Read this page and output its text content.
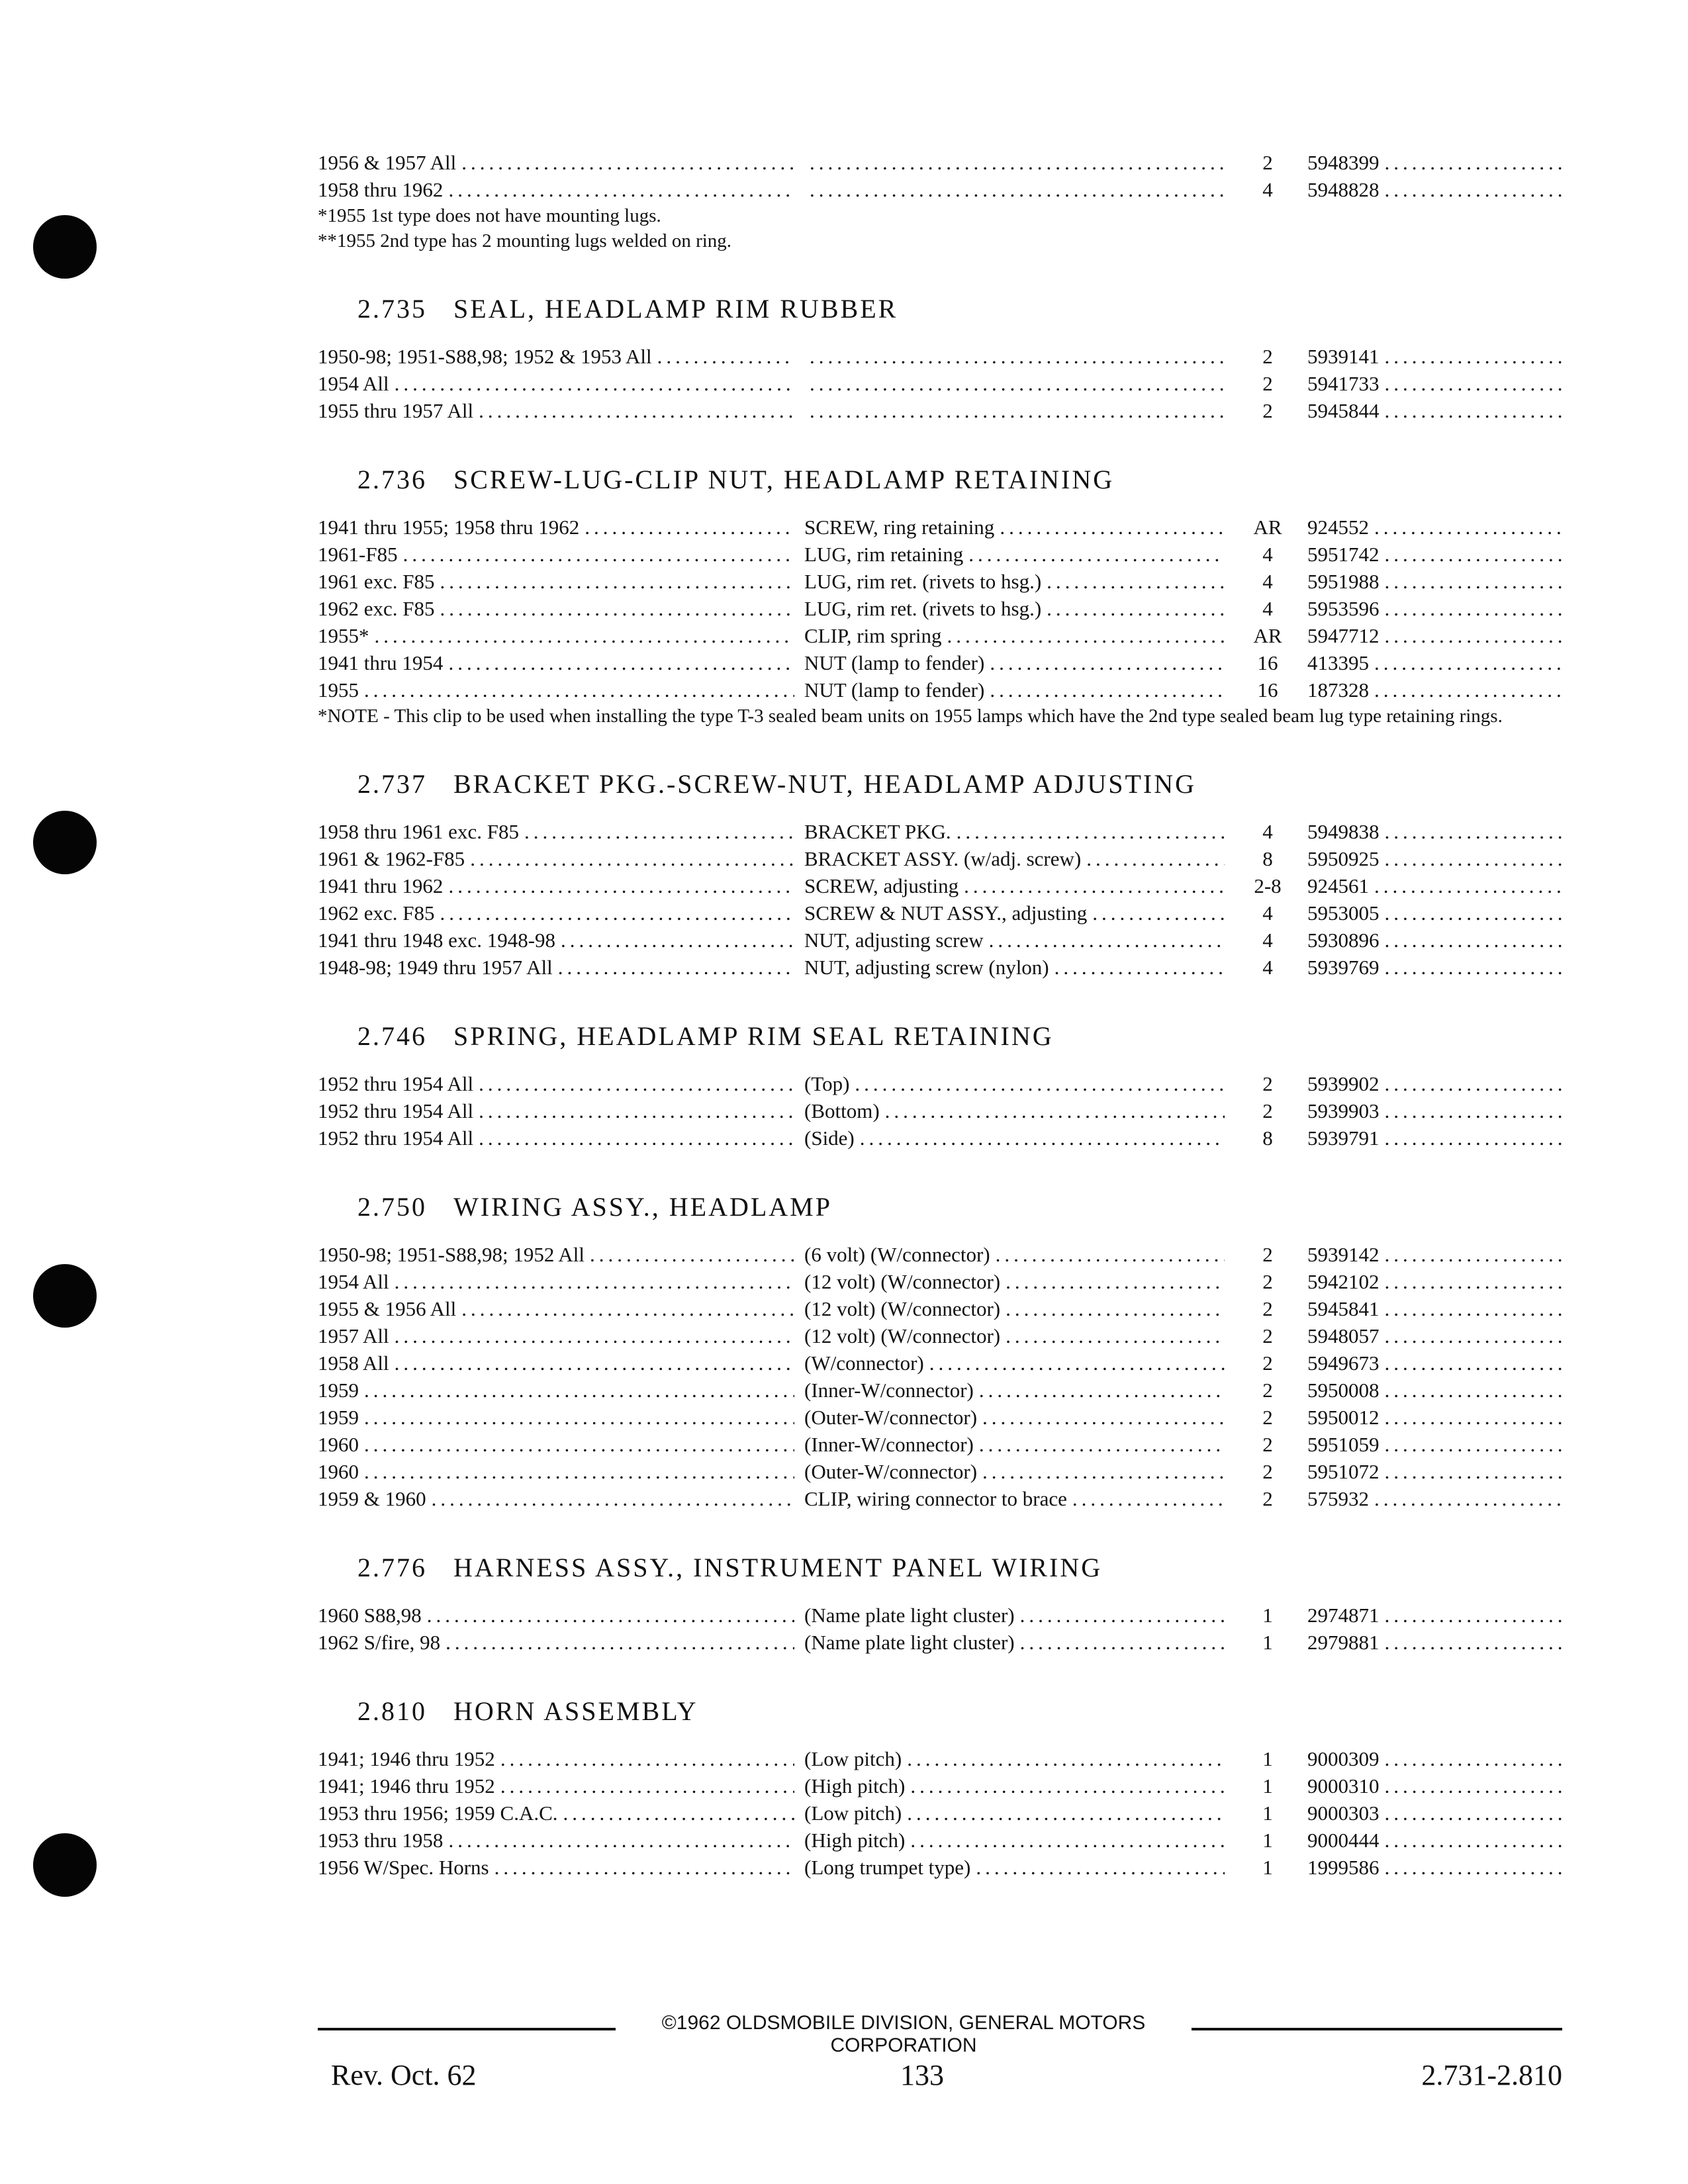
1956 & 1957 All ..... .....	2	5948399
.....
1958 thru 1962 ..... .....	4	5948828
.....
*1955 1st type does not have mounting lugs.
**1955 2nd type has 2 mounting lugs welded on ring.
2.735 SEAL, HEADLAMP RIM RUBBER
1950-98; 1951-S88,98; 1952 & 1953 All ..... .....	2	5939141
.....
1954 All ..... .....	2	5941733
.....
1955 thru 1957 All ..... .....	2	5945844
.....
2.736 SCREW-LUG-CLIP NUT, HEADLAMP RETAINING
1941 thru 1955; 1958 thru 1962 .....	SCREW, ring retaining .....	AR	924552
.....
1961-F85 .....	LUG, rim retaining .....	4	5951742
.....
1961 exc. F85 .....	LUG, rim ret. (rivets to hsg.) .....	4	5951988
.....
1962 exc. F85 .....	LUG, rim ret. (rivets to hsg.) .....	4	5953596
.....
1955* .....	CLIP, rim spring .....	AR	5947712
.....
1941 thru 1954 .....	NUT (lamp to fender) .....	16	413395
.....
1955 .....	NUT (lamp to fender) .....	16	187328
.....
*NOTE - This clip to be used when installing the type T-3 sealed beam units on 1955 lamps which have the 2nd type sealed beam lug type retaining rings.
2.737 BRACKET PKG.-SCREW-NUT, HEADLAMP ADJUSTING
1958 thru 1961 exc. F85 .....	BRACKET PKG. .....	4	5949838
.....
1961 & 1962-F85 .....	BRACKET ASSY. (w/adj. screw) .....	8	5950925
.....
1941 thru 1962 .....	SCREW, adjusting .....	2-8	924561
.....
1962 exc. F85 .....	SCREW & NUT ASSY., adjusting .....	4	5953005
.....
1941 thru 1948 exc. 1948-98 .....	NUT, adjusting screw .....	4	5930896
.....
1948-98; 1949 thru 1957 All .....	NUT, adjusting screw (nylon) .....	4	5939769
.....
2.746 SPRING, HEADLAMP RIM SEAL RETAINING
1952 thru 1954 All .....	(Top) .....	2	5939902
.....
1952 thru 1954 All .....	(Bottom) .....	2	5939903
.....
1952 thru 1954 All .....	(Side) .....	8	5939791
.....
2.750 WIRING ASSY., HEADLAMP
1950-98; 1951-S88,98; 1952 All .....	(6 volt) (W/connector) .....	2	5939142
.....
1954 All .....	(12 volt) (W/connector) .....	2	5942102
.....
1955 & 1956 All .....	(12 volt) (W/connector) .....	2	5945841
.....
1957 All .....	(12 volt) (W/connector) .....	2	5948057
.....
1958 All .....	(W/connector) .....	2	5949673
.....
1959 .....	(Inner-W/connector) .....	2	5950008
.....
1959 .....	(Outer-W/connector) .....	2	5950012
.....
1960 .....	(Inner-W/connector) .....	2	5951059
.....
1960 .....	(Outer-W/connector) .....	2	5951072
.....
1959 & 1960 .....	CLIP, wiring connector to brace .....	2	575932
.....
2.776 HARNESS ASSY., INSTRUMENT PANEL WIRING
1960 S88,98 .....	(Name plate light cluster) .....	1	2974871
.....
1962 S/fire, 98 .....	(Name plate light cluster) .....	1	2979881
.....
2.810 HORN ASSEMBLY
1941; 1946 thru 1952 .....	(Low pitch) .....	1	9000309
.....
1941; 1946 thru 1952 .....	(High pitch) .....	1	9000310
.....
1953 thru 1956; 1959 C.A.C. .....	(Low pitch) .....	1	9000303
.....
1953 thru 1958 .....	(High pitch) .....	1	9000444
.....
1956 W/Spec. Horns .....	(Long trumpet type) .....	1	1999586
.....
©1962 OLDSMOBILE DIVISION, GENERAL MOTORS CORPORATION
Rev. Oct. 62	133	2.731-2.810
